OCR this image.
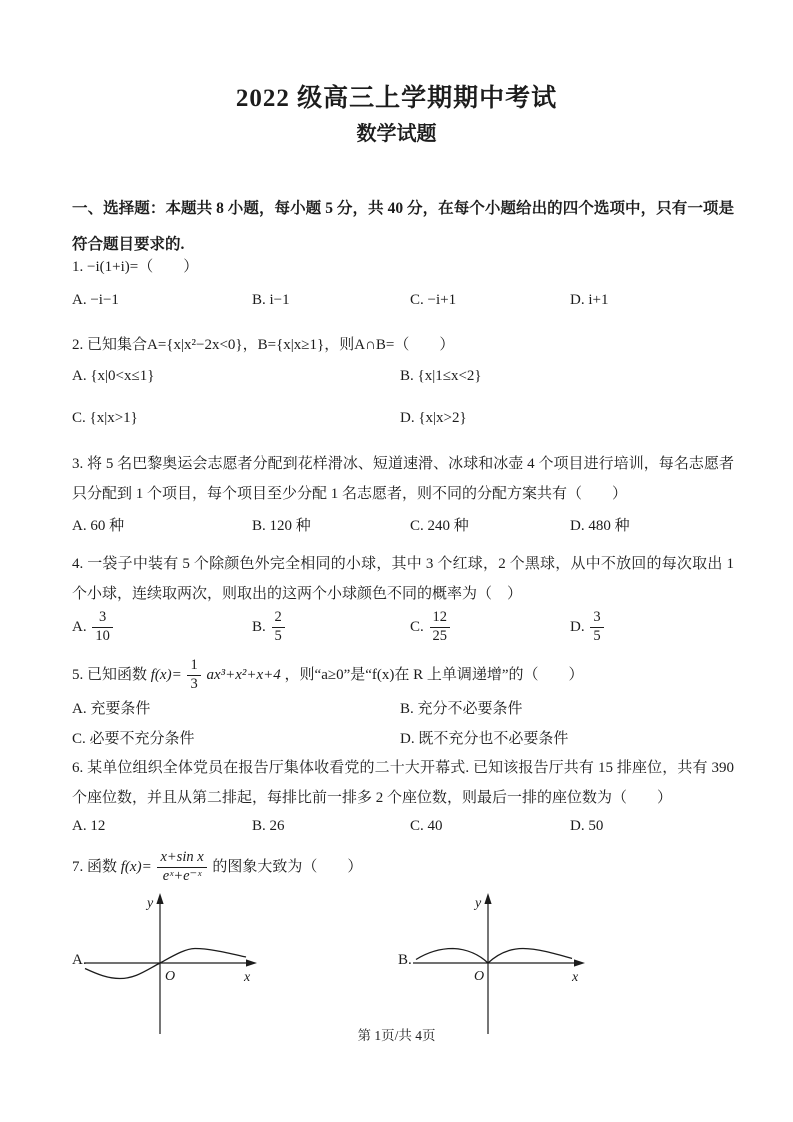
2022 级高三上学期期中考试
数学试题
一、选择题：本题共 8 小题，每小题 5 分，共 40 分，在每个小题给出的四个选项中，只有一项是符合题目要求的.
1. −i(1+i)=（　　）
A. −i−1	B. i−1	C. −i+1	D. i+1
2. 已知集合A={x|x²−2x<0}，B={x|x≥1}，则A∩B=（　　）
A. {x|0<x≤1}	B. {x|1≤x<2}
C. {x|x>1}	D. {x|x>2}
3. 将 5 名巴黎奥运会志愿者分配到花样滑冰、短道速滑、冰球和冰壶 4 个项目进行培训，每名志愿者只分配到 1 个项目，每个项目至少分配 1 名志愿者，则不同的分配方案共有（　　）
A. 60 种	B. 120 种	C. 240 种	D. 480 种
4. 一袋子中装有 5 个除颜色外完全相同的小球，其中 3 个红球，2 个黑球，从中不放回的每次取出 1 个小球，连续取两次，则取出的这两个小球颜色不同的概率为（　）
A. $\frac{3}{10}$	B. $\frac{2}{5}$	C. $\frac{12}{25}$	D. $\frac{3}{5}$
5. 已知函数 $f(x)= \frac{1}{3} ax^3+x^2+x+4$ ，则“a≥0”是“f(x)在 R 上单调递增”的（　　）
A. 充要条件	B. 充分不必要条件
C. 必要不充分条件	D. 既不充分也不必要条件
6. 某单位组织全体党员在报告厅集体收看党的二十大开幕式. 已知该报告厅共有 15 排座位，共有 390 个座位数，并且从第二排起，每排比前一排多 2 个座位数，则最后一排的座位数为（　　）
A. 12	B. 26	C. 40	D. 50
7. 函数 $f(x)= \frac{\text{x+sin x}}{\text{eˣ+e⁻ˣ}}$ 的图象大致为（　　）
A.
y
x
O
B.
y
x
O
第 1页/共 4页
